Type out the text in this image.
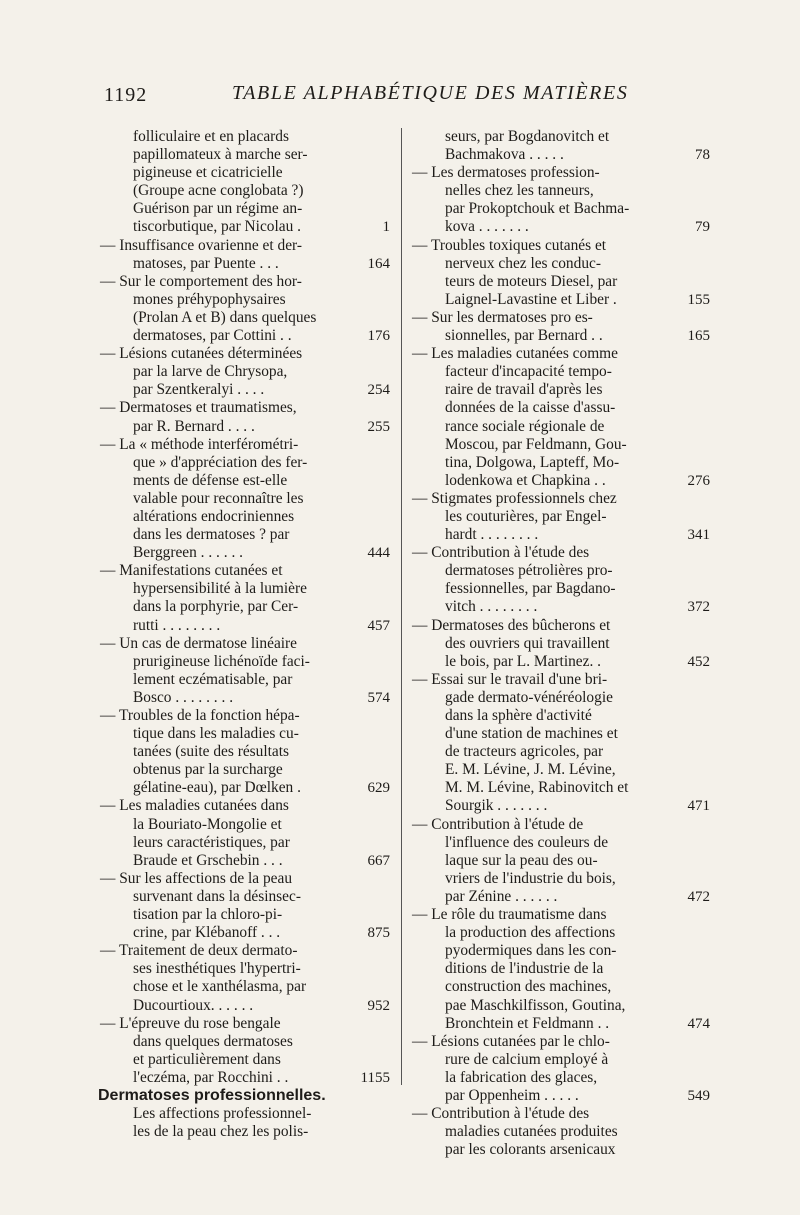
1192	TABLE ALPHABÉTIQUE DES MATIÈRES
folliculaire et en placards
papillomateux à marche ser-
pigineuse et cicatricielle
(Groupe acne conglobata ?)
Guérison par un régime an-
tiscorbutique, par Nicolau .	1
— Insuffisance ovarienne et der-
matoses, par Puente . . .	164
— Sur le comportement des hor-
mones préhypophysaires
(Prolan A et B) dans quelques
dermatoses, par Cottini . .	176
— Lésions cutanées déterminées
par la larve de Chrysopa,
par Szentkeralyi . . . .	254
— Dermatoses et traumatismes,
par R. Bernard . . . .	255
— La « méthode interférométri-
que » d'appréciation des fer-
ments de défense est-elle
valable pour reconnaître les
altérations endocriniennes
dans les dermatoses ? par
Berggreen . . . . . .	444
— Manifestations cutanées et
hypersensibilité à la lumière
dans la porphyrie, par Cer-
rutti . . . . . . . .	457
— Un cas de dermatose linéaire
prurigineuse lichénoïde faci-
lement eczématisable, par
Bosco . . . . . . . .	574
— Troubles de la fonction hépa-
tique dans les maladies cu-
tanées (suite des résultats
obtenus par la surcharge
gélatine-eau), par Dœlken .	629
— Les maladies cutanées dans
la Bouriato-Mongolie et
leurs caractéristiques, par
Braude et Grschebin . . .	667
— Sur les affections de la peau
survenant dans la désinsec-
tisation par la chloro-pi-
crine, par Klébanoff . . .	875
— Traitement de deux dermato-
ses inesthétiques l'hypertri-
chose et le xanthélasma, par
Ducourtioux. . . . . .	952
— L'épreuve du rose bengale
dans quelques dermatoses
et particulièrement dans
l'eczéma, par Rocchini . .	1155
Dermatoses professionnelles.
Les affections professionnel-
les de la peau chez les polis-
seurs, par Bogdanovitch et
Bachmakova . . . . .	78
— Les dermatoses profession-
nelles chez les tanneurs,
par Prokoptchouk et Bachma-
kova . . . . . . .	79
— Troubles toxiques cutanés et
nerveux chez les conduc-
teurs de moteurs Diesel, par
Laignel-Lavastine et Liber .	155
— Sur les dermatoses pro es-
sionnelles, par Bernard . .	165
— Les maladies cutanées comme
facteur d'incapacité tempo-
raire de travail d'après les
données de la caisse d'assu-
rance sociale régionale de
Moscou, par Feldmann, Gou-
tina, Dolgowa, Lapteff, Mo-
lodenkowa et Chapkina . .	276
— Stigmates professionnels chez
les couturières, par Engel-
hardt . . . . . . . .	341
— Contribution à l'étude des
dermatoses pétrolières pro-
fessionnelles, par Bagdano-
vitch . . . . . . . .	372
— Dermatoses des bûcherons et
des ouvriers qui travaillent
le bois, par L. Martinez. .	452
— Essai sur le travail d'une bri-
gade dermato-vénéréologie
dans la sphère d'activité
d'une station de machines et
de tracteurs agricoles, par
E. M. Lévine, J. M. Lévine,
M. M. Lévine, Rabinovitch et
Sourgik . . . . . . .	471
— Contribution à l'étude de
l'influence des couleurs de
laque sur la peau des ou-
vriers de l'industrie du bois,
par Zénine . . . . . .	472
— Le rôle du traumatisme dans
la production des affections
pyodermiques dans les con-
ditions de l'industrie de la
construction des machines,
pae Maschkilfisson, Goutina,
Bronchtein et Feldmann . .	474
— Lésions cutanées par le chlo-
rure de calcium employé à
la fabrication des glaces,
par Oppenheim . . . . .	549
— Contribution à l'étude des
maladies cutanées produites
par les colorants arsenicaux
